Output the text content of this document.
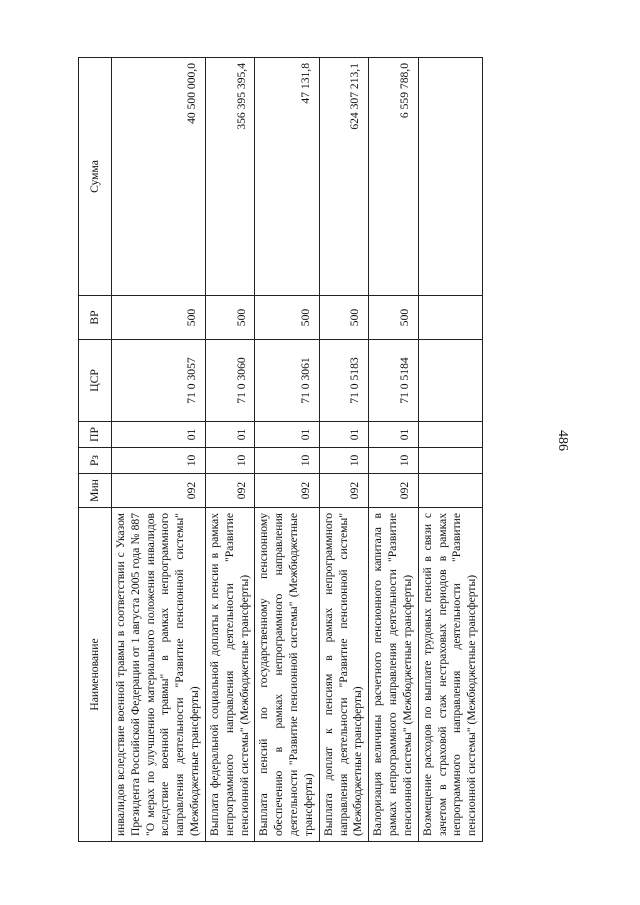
486
Наименование	Мин	Рз	ПР	ЦСР	ВР	Сумма
инвалидов вследствие военной травмы в соответствии с Указом Президента Российской Федерации от 1 августа 2005 года № 887 "О мерах по улучшению материального положения инвалидов вследствие военной травмы" в рамках непрограммного направления деятельности "Развитие пенсионной системы" (Межбюджетные трансферты)	092	10	01	71 0 3057	500	40 500 000,0
Выплата федеральной социальной доплаты к пенсии в рамках непрограммного направления деятельности "Развитие пенсионной системы" (Межбюджетные трансферты)	092	10	01	71 0 3060	500	356 395 395,4
Выплата пенсий по государственному пенсионному обеспечению в рамках непрограммного направления деятельности "Развитие пенсионной системы" (Межбюджетные трансферты)	092	10	01	71 0 3061	500	47 131,8
Выплата доплат к пенсиям в рамках непрограммного направления деятельности "Развитие пенсионной системы" (Межбюджетные трансферты)	092	10	01	71 0 5183	500	624 307 213,1
Валоризация величины расчетного пенсионного капитала в рамках непрограммного направления деятельности "Развитие пенсионной системы" (Межбюджетные трансферты)	092	10	01	71 0 5184	500	6 559 788,0
Возмещение расходов по выплате трудовых пенсий в связи с зачетом в страховой стаж нестраховых периодов в рамках непрограммного направления деятельности "Развитие пенсионной системы" (Межбюджетные трансферты)						
